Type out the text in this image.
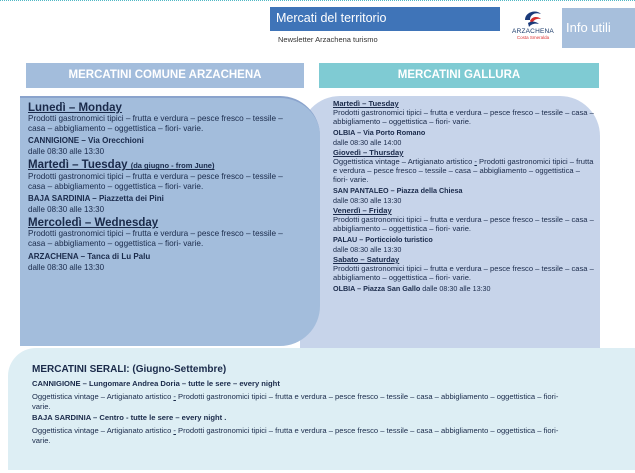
Mercati del territorio
Newsletter Arzachena turismo
ARZACHENA
Costa Smeralda
Info utili
MERCATINI COMUNE ARZACHENA	MERCATINI GALLURA
Lunedì – Monday
Prodotti gastronomici tipici – frutta e verdura – pesce fresco – tessile – casa – abbigliamento – oggettistica – fiori- varie.
CANNIGIONE – Via Orecchioni
dalle 08:30 alle 13:30
Martedì – Tuesday (da giugno - from June)
Prodotti gastronomici tipici – frutta e verdura – pesce fresco – tessile – casa – abbigliamento – oggettistica – fiori- varie.
BAJA SARDINIA – Piazzetta dei Pini
dalle 08:30 alle 13:30
Mercoledì – Wednesday
Prodotti gastronomici tipici – frutta e verdura – pesce fresco – tessile – casa – abbigliamento – oggettistica – fiori- varie.
ARZACHENA – Tanca di Lu Palu
dalle 08:30 alle 13:30
Martedì – Tuesday
Prodotti gastronomici tipici – frutta e verdura – pesce fresco – tessile – casa – abbigliamento – oggettistica – fiori- varie.
OLBIA – Via Porto Romano
dalle 08:30 alle 14:00
Giovedì – Thursday
Oggettistica vintage – Artigianato artistico - Prodotti gastronomici tipici – frutta e verdura – pesce fresco – tessile – casa – abbigliamento – oggettistica – fiori- varie.
SAN PANTALEO – Piazza della Chiesa
dalle 08:30 alle 13:30
Venerdì – Friday
Prodotti gastronomici tipici – frutta e verdura – pesce fresco – tessile – casa – abbigliamento – oggettistica – fiori- varie.
PALAU – Porticciolo turistico
dalle 08:30 alle 13:30
Sabato – Saturday
Prodotti gastronomici tipici – frutta e verdura – pesce fresco – tessile – casa – abbigliamento – oggettistica – fiori- varie.
OLBIA – Piazza San Gallo dalle 08:30 alle 13:30
MERCATINI SERALI: (Giugno-Settembre)
CANNIGIONE – Lungomare Andrea Doria – tutte le sere – every night
Oggettistica vintage – Artigianato artistico - Prodotti gastronomici tipici – frutta e verdura – pesce fresco – tessile – casa – abbigliamento – oggettistica – fiori- varie.
BAJA SARDINIA – Centro - tutte le sere – every night .
Oggettistica vintage – Artigianato artistico - Prodotti gastronomici tipici – frutta e verdura – pesce fresco – tessile – casa – abbigliamento – oggettistica – fiori- varie.
